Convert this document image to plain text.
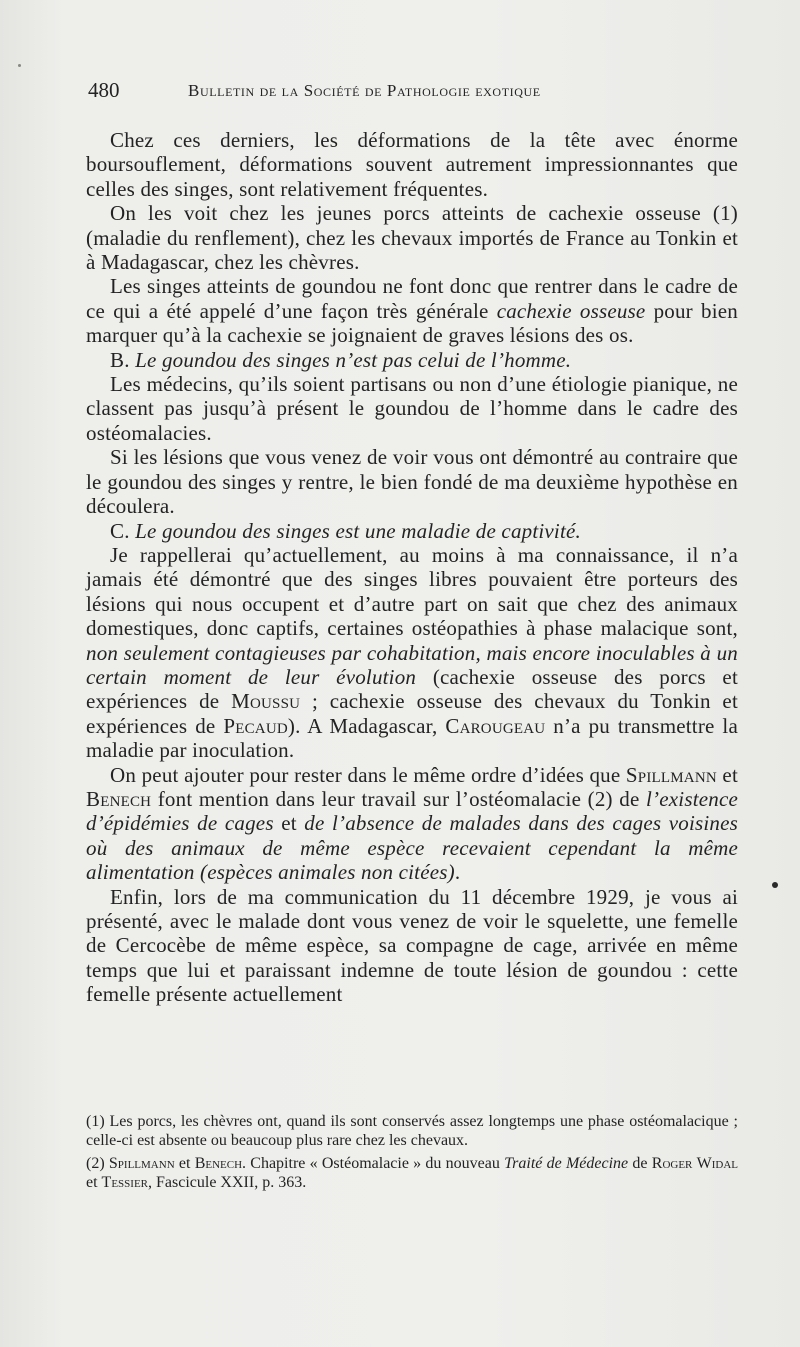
480	Bulletin de la Société de Pathologie exotique

Chez ces derniers, les déformations de la tête avec énorme boursouflement, déformations souvent autrement impressionnantes que celles des singes, sont relativement fréquentes.

On les voit chez les jeunes porcs atteints de cachexie osseuse (1) (maladie du renflement), chez les chevaux importés de France au Tonkin et à Madagascar, chez les chèvres.

Les singes atteints de goundou ne font donc que rentrer dans le cadre de ce qui a été appelé d’une façon très générale cachexie osseuse pour bien marquer qu’à la cachexie se joignaient de graves lésions des os.

B. Le goundou des singes n’est pas celui de l’homme.

Les médecins, qu’ils soient partisans ou non d’une étiologie pianique, ne classent pas jusqu’à présent le goundou de l’homme dans le cadre des ostéomalacies.

Si les lésions que vous venez de voir vous ont démontré au contraire que le goundou des singes y rentre, le bien fondé de ma deuxième hypothèse en découlera.

C. Le goundou des singes est une maladie de captivité.

Je rappellerai qu’actuellement, au moins à ma connaissance, il n’a jamais été démontré que des singes libres pouvaient être porteurs des lésions qui nous occupent et d’autre part on sait que chez des animaux domestiques, donc captifs, certaines ostéopathies à phase malacique sont, non seulement contagieuses par cohabitation, mais encore inoculables à un certain moment de leur évolution (cachexie osseuse des porcs et expériences de Moussu ; cachexie osseuse des chevaux du Tonkin et expériences de Pecaud). A Madagascar, Carougeau n’a pu transmettre la maladie par inoculation.

On peut ajouter pour rester dans le même ordre d’idées que Spillmann et Benech font mention dans leur travail sur l’ostéomalacie (2) de l’existence d’épidémies de cages et de l’absence de malades dans des cages voisines où des animaux de même espèce recevaient cependant la même alimentation (espèces animales non citées).

Enfin, lors de ma communication du 11 décembre 1929, je vous ai présenté, avec le malade dont vous venez de voir le squelette, une femelle de Cercocèbe de même espèce, sa compagne de cage, arrivée en même temps que lui et paraissant indemne de toute lésion de goundou : cette femelle présente actuellement

(1) Les porcs, les chèvres ont, quand ils sont conservés assez longtemps une phase ostéomalacique ; celle-ci est absente ou beaucoup plus rare chez les chevaux.

(2) Spillmann et Benech. Chapitre « Ostéomalacie » du nouveau Traité de Médecine de Roger Widal et Tessier, Fascicule XXII, p. 363.
